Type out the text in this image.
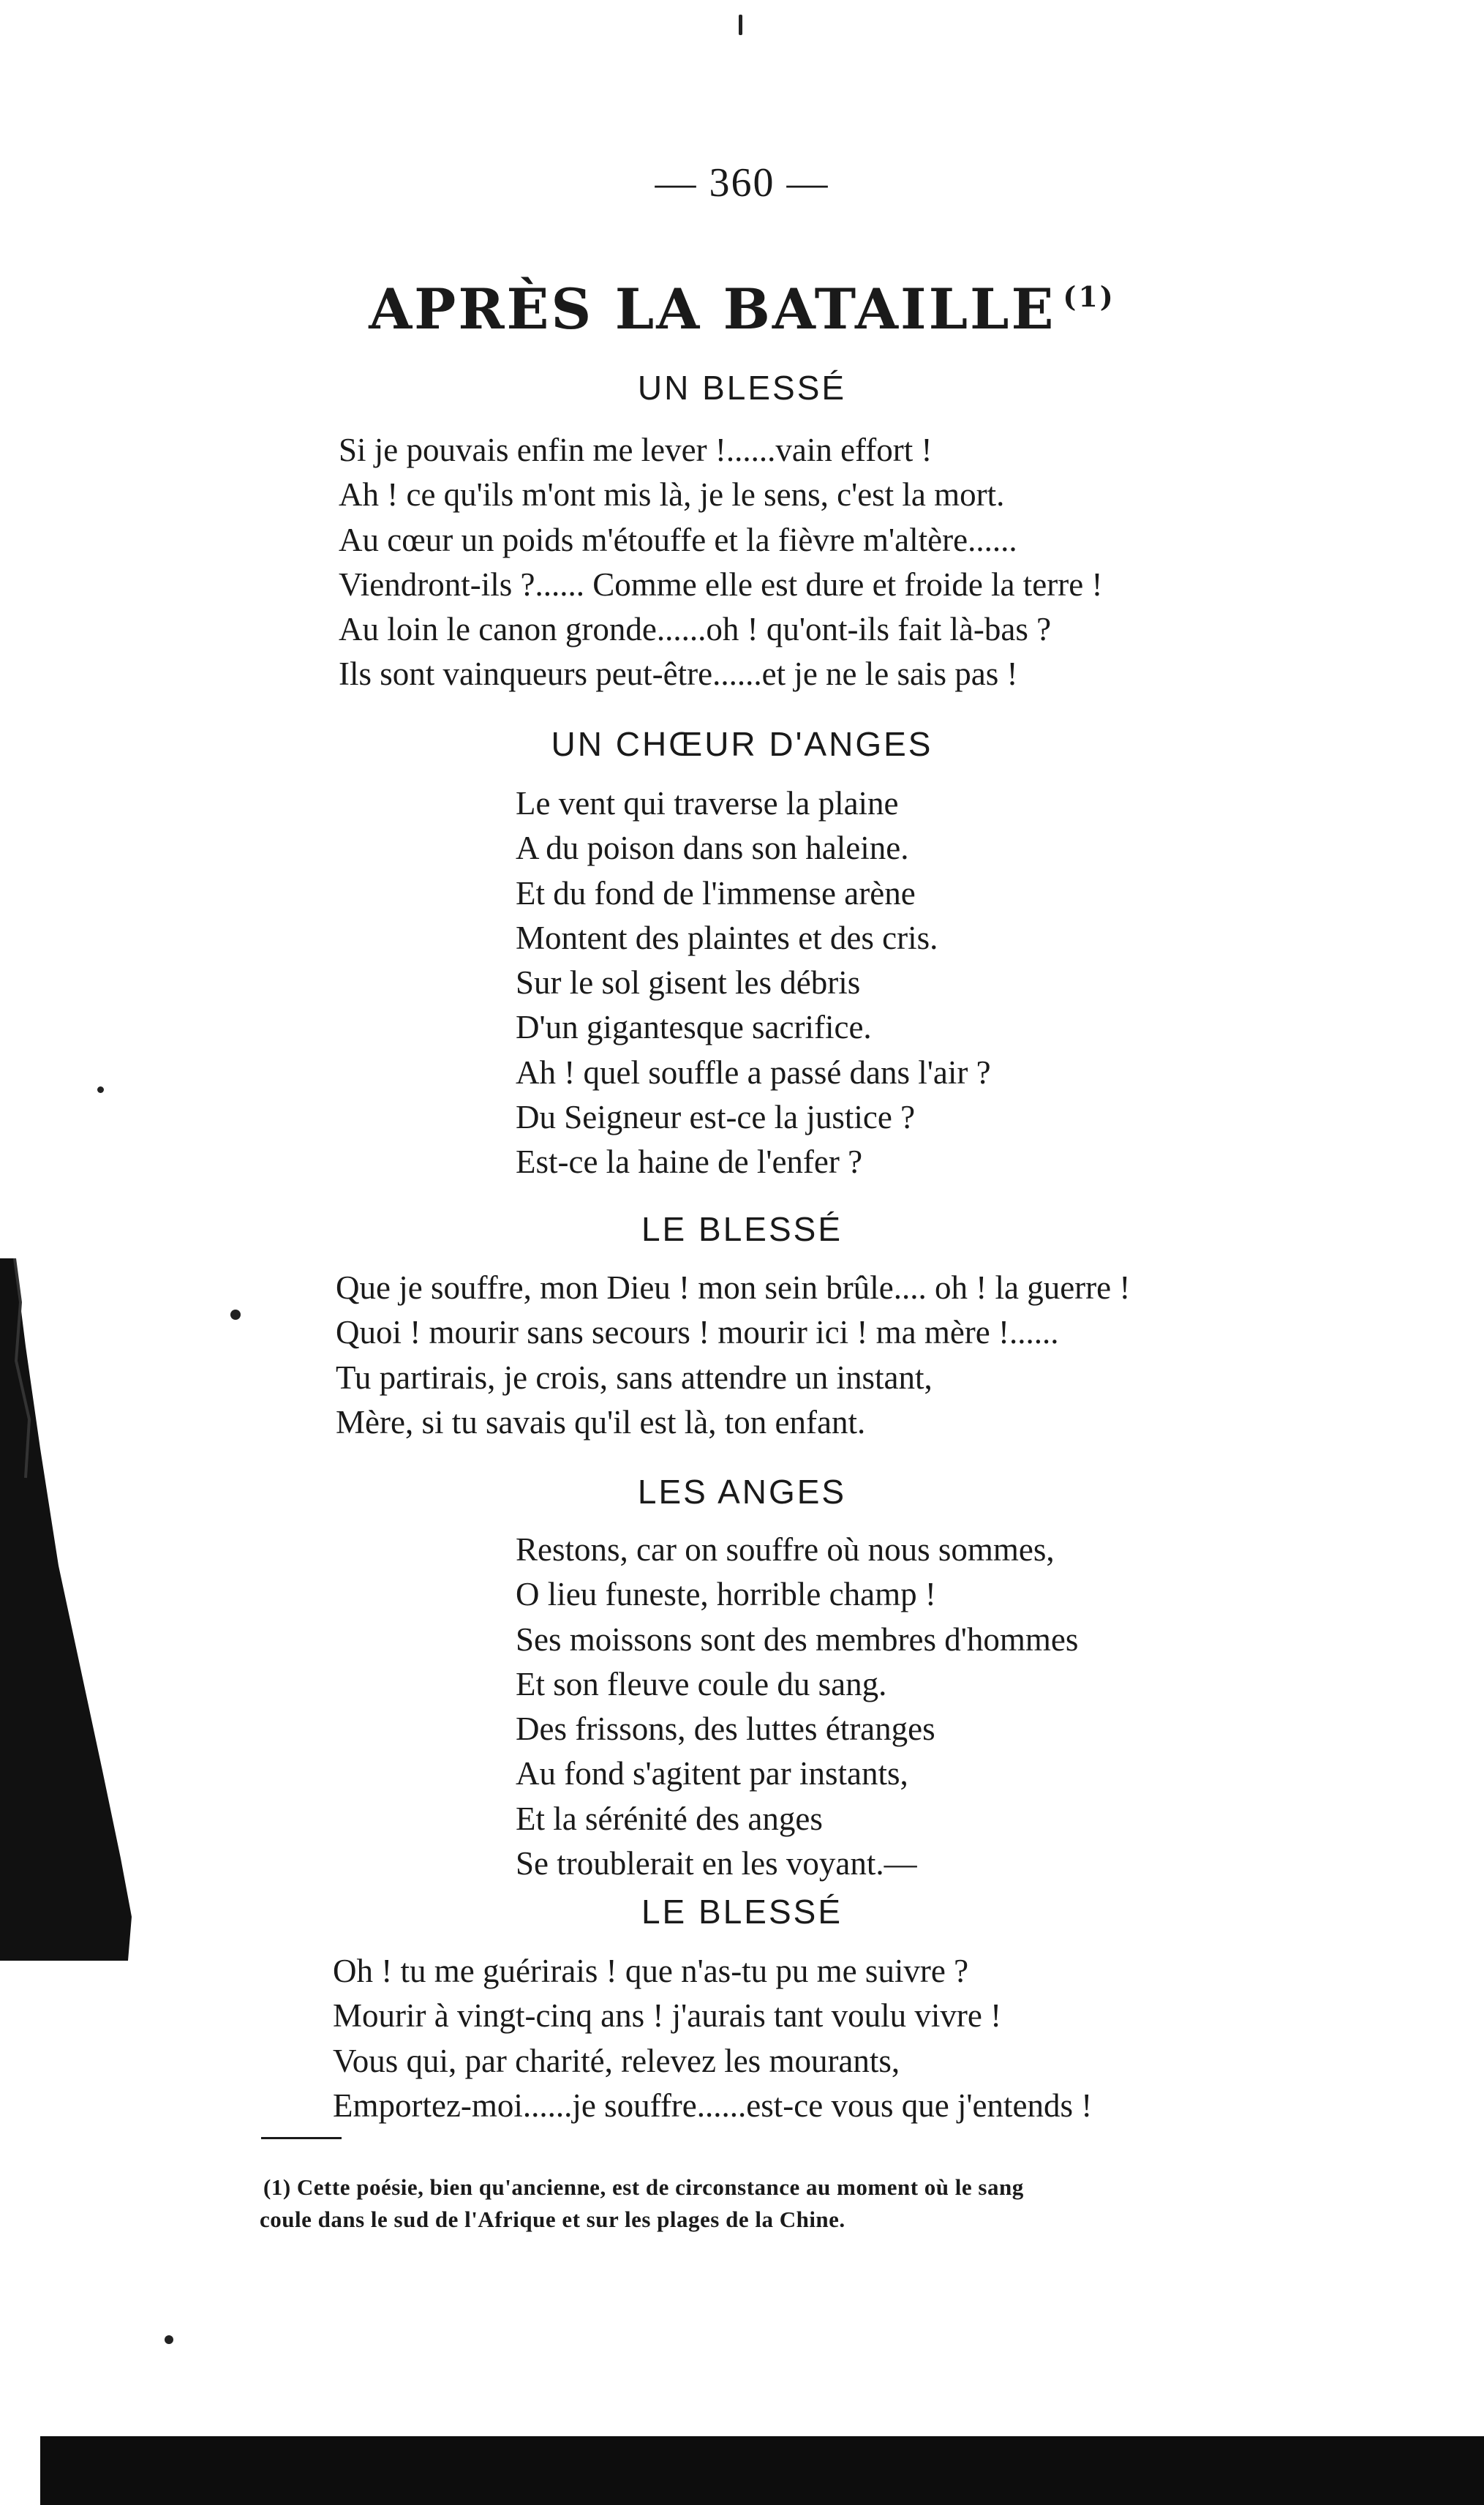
— 360 —
APRÈS LA BATAILLE $^{(1)}$
UN BLESSÉ
Si je pouvais enfin me lever !......vain effort !
Ah ! ce qu'ils m'ont mis là, je le sens, c'est la mort.
Au cœur un poids m'étouffe et la fièvre m'altère......
Viendront-ils ?...... Comme elle est dure et froide la terre !
Au loin le canon gronde......oh ! qu'ont-ils fait là-bas ?
Ils sont vainqueurs peut-être......et je ne le sais pas !
UN CHŒUR D'ANGES
Le vent qui traverse la plaine
A du poison dans son haleine.
Et du fond de l'immense arène
Montent des plaintes et des cris.
Sur le sol gisent les débris
D'un gigantesque sacrifice.
Ah ! quel souffle a passé dans l'air ?
Du Seigneur est-ce la justice ?
Est-ce la haine de l'enfer ?
LE BLESSÉ
Que je souffre, mon Dieu ! mon sein brûle.... oh ! la guerre !
Quoi ! mourir sans secours ! mourir ici ! ma mère !......
Tu partirais, je crois, sans attendre un instant,
Mère, si tu savais qu'il est là, ton enfant.
LES ANGES
Restons, car on souffre où nous sommes,
O lieu funeste, horrible champ !
Ses moissons sont des membres d'hommes
Et son fleuve coule du sang.
Des frissons, des luttes étranges
Au fond s'agitent par instants,
Et la sérénité des anges
Se troublerait en les voyant.—
LE BLESSÉ
Oh ! tu me guérirais ! que n'as-tu pu me suivre ?
Mourir à vingt-cinq ans ! j'aurais tant voulu vivre !
Vous qui, par charité, relevez les mourants,
Emportez-moi......je souffre......est-ce vous que j'entends !
(1) Cette poésie, bien qu'ancienne, est de circonstance au moment où le sang
coule dans le sud de l'Afrique et sur les plages de la Chine.
